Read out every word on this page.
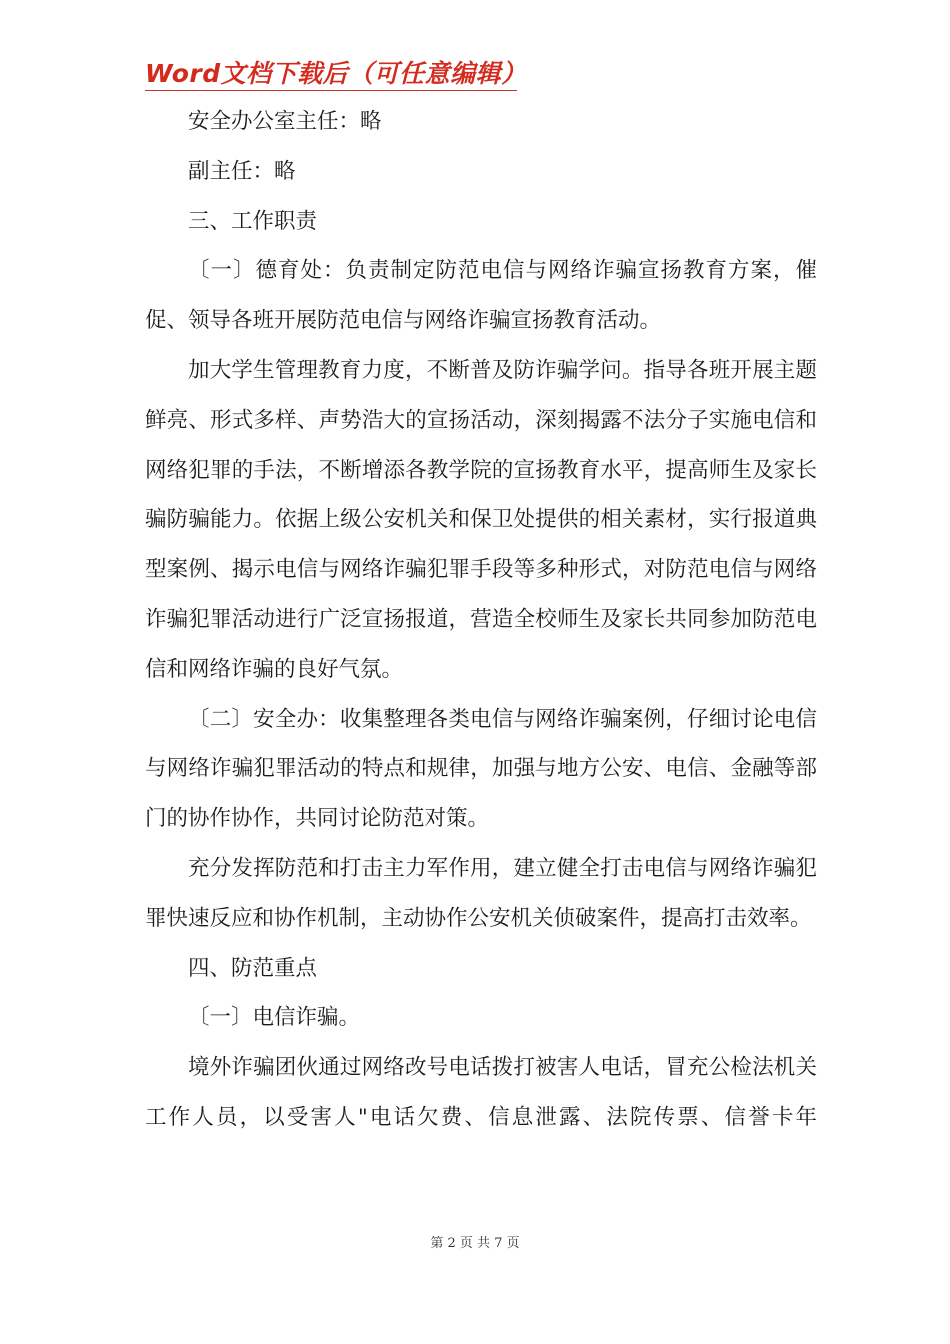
Word文档下载后（可任意编辑）

安全办公室主任：略

副主任：略

三、工作职责

〔一〕德育处：负责制定防范电信与网络诈骗宣扬教育方案，催促、领导各班开展防范电信与网络诈骗宣扬教育活动。

加大学生管理教育力度，不断普及防诈骗学问。指导各班开展主题鲜亮、形式多样、声势浩大的宣扬活动，深刻揭露不法分子实施电信和网络犯罪的手法，不断增添各教学院的宣扬教育水平，提高师生及家长骗防骗能力。依据上级公安机关和保卫处提供的相关素材，实行报道典型案例、揭示电信与网络诈骗犯罪手段等多种形式，对防范电信与网络诈骗犯罪活动进行广泛宣扬报道，营造全校师生及家长共同参加防范电信和网络诈骗的良好气氛。

〔二〕安全办：收集整理各类电信与网络诈骗案例，仔细讨论电信与网络诈骗犯罪活动的特点和规律，加强与地方公安、电信、金融等部门的协作协作，共同讨论防范对策。

充分发挥防范和打击主力军作用，建立健全打击电信与网络诈骗犯罪快速反应和协作机制，主动协作公安机关侦破案件，提高打击效率。

四、防范重点

〔一〕电信诈骗。

境外诈骗团伙通过网络改号电话拨打被害人电话，冒充公检法机关工作人员，以受害人"电话欠费、信息泄露、法院传票、信誉卡年

第 2 页 共 7 页
